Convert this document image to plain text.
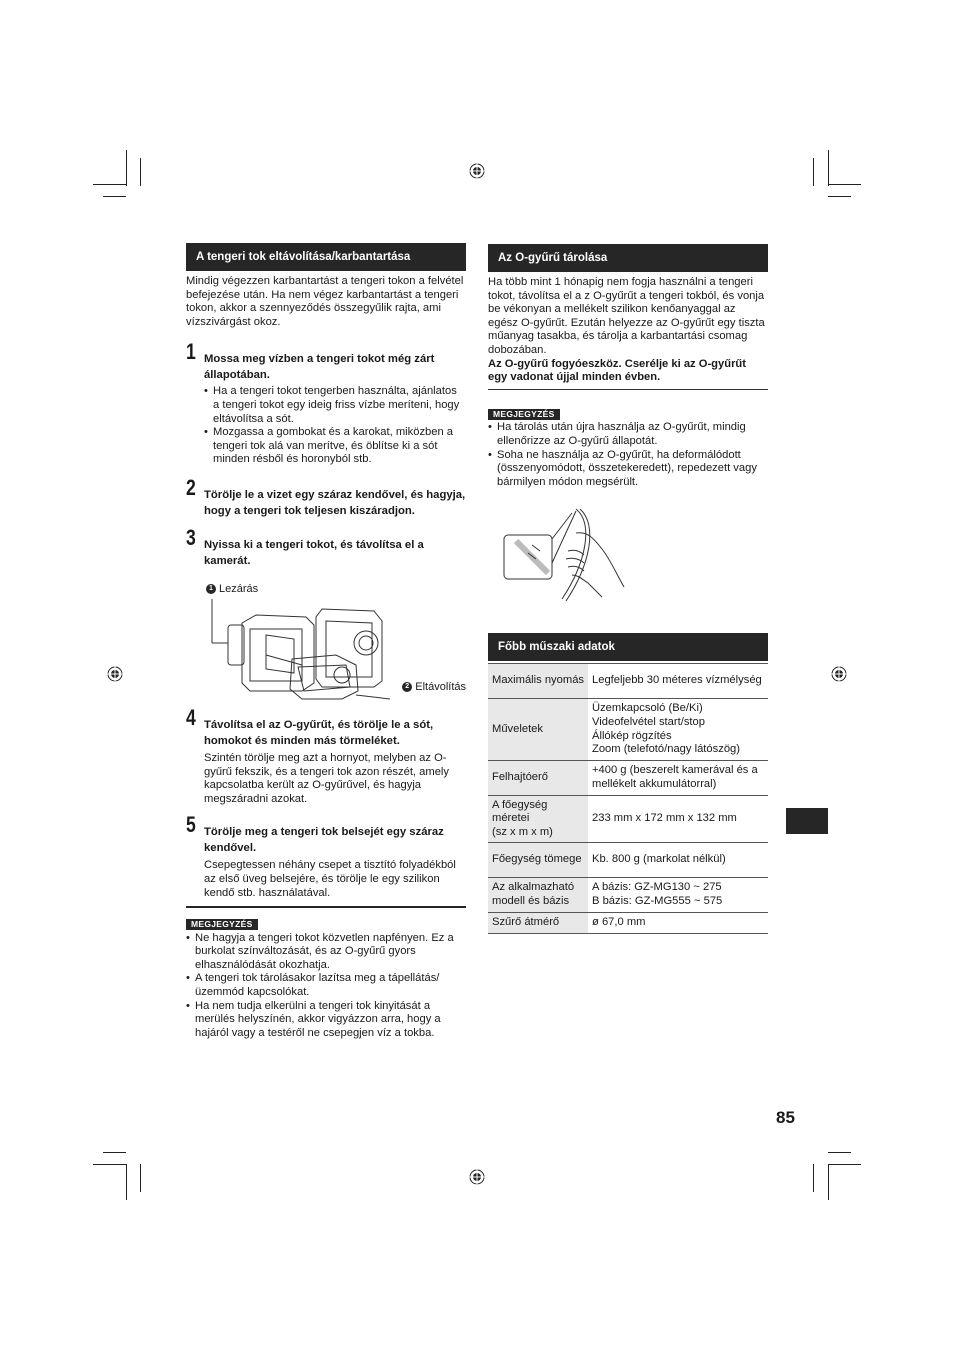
A tengeri tok eltávolítása/karbantartása

Mindig végezzen karbantartást a tengeri tokon a felvétel befejezése után. Ha nem végez karbantartást a tengeri tokon, akkor a szennyeződés összegyűlik rajta, ami vízszivárgást okoz.

1 Mossa meg vízben a tengeri tokot még zárt állapotában.
• Ha a tengeri tokot tengerben használta, ajánlatos a tengeri tokot egy ideig friss vízbe meríteni, hogy eltávolítsa a sót.
• Mozgassa a gombokat és a karokat, miközben a tengeri tok alá van merítve, és öblítse ki a sót minden résből és horonyból stb.
2 Törölje le a vizet egy száraz kendővel, és hagyja, hogy a tengeri tok teljesen kiszáradjon.
3 Nyissa ki a tengeri tokot, és távolítsa el a kamerát.
1 Lezárás
2 Eltávolítás
4 Távolítsa el az O-gyűrűt, és törölje le a sót, homokot és minden más törmeléket.

Szintén törölje meg azt a hornyot, melyben az O-gyűrű fekszik, és a tengeri tok azon részét, amely kapcsolatba került az O-gyűrűvel, és hagyja megszáradni azokat.

5 Törölje meg a tengeri tok belsejét egy száraz kendővel.

Csepegtessen néhány csepet a tisztító folyadékból az első üveg belsejére, és törölje le egy szilikon kendő stb. használatával.

MEGJEGYZÉS
• Ne hagyja a tengeri tokot közvetlen napfényen. Ez a burkolat színváltozását, és az O-gyűrű gyors elhasználódását okozhatja.
• A tengeri tok tárolásakor lazítsa meg a tápellátás/üzemmód kapcsolókat.
• Ha nem tudja elkerülni a tengeri tok kinyitását a merülés helyszínén, akkor vigyázzon arra, hogy a hajáról vagy a testéről ne csepegjen víz a tokba.
Az O-gyűrű tárolása

Ha több mint 1 hónapig nem fogja használni a tengeri tokot, távolítsa el a z O-gyűrűt a tengeri tokból, és vonja be vékonyan a mellékelt szilikon kenőanyaggal az egész O-gyűrűt. Ezután helyezze az O-gyűrűt egy tiszta műanyag tasakba, és tárolja a karbantartási csomag dobozában.

Az O-gyűrű fogyóeszköz. Cserélje ki az O-gyűrűt egy vadonat újjal minden évben.

MEGJEGYZÉS
• Ha tárolás után újra használja az O-gyűrűt, mindig ellenőrizze az O-gyűrű állapotát.
• Soha ne használja az O-gyűrűt, ha deformálódott (összenyomódott, összetekeredett), repedezett vagy bármilyen módon megsérült.
Főbb műszaki adatok
Maximális nyomás	Legfeljebb 30 méteres vízmélység
Műveletek	Üzemkapcsoló (Be/Ki)
Videofelvétel start/stop
Állókép rögzítés
Zoom (telefotó/nagy látószög)
Felhajtóerő	+400 g (beszerelt kamerával és a mellékelt akkumulátorral)
A főegység méretei
(sz x m x m)	233 mm x 172 mm x 132 mm
Főegység tömege	Kb. 800 g (markolat nélkül)
Az alkalmazható modell és bázis	A bázis: GZ-MG130 ~ 275
B bázis: GZ-MG555 ~ 575
Szűrő átmérő	ø 67,0 mm
85
